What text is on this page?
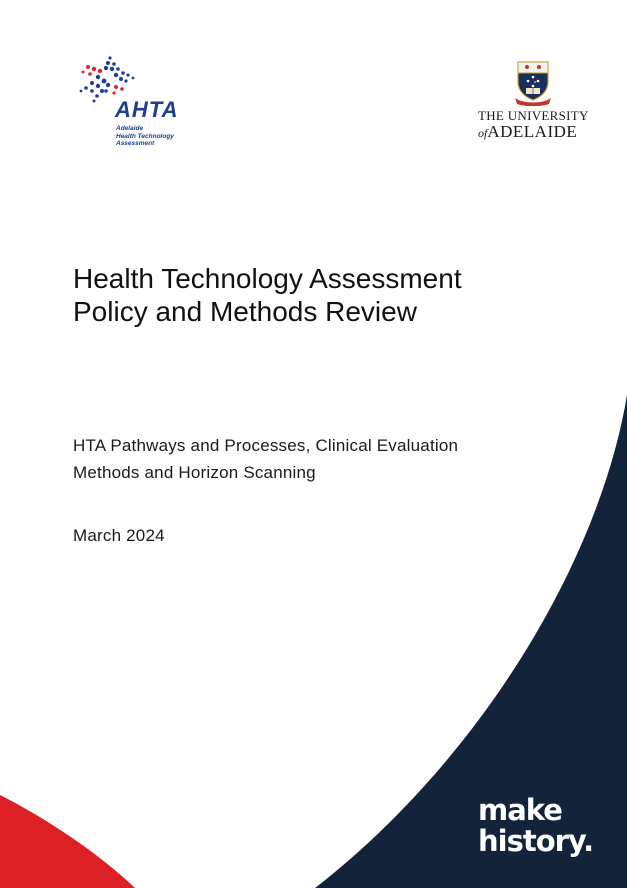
AHTA
Adelaide
Health Technology
Assessment
THE UNIVERSITY
ofADELAIDE
Health Technology Assessment
Policy and Methods Review
HTA Pathways and Processes, Clinical Evaluation
Methods and Horizon Scanning
March 2024
make
history.
